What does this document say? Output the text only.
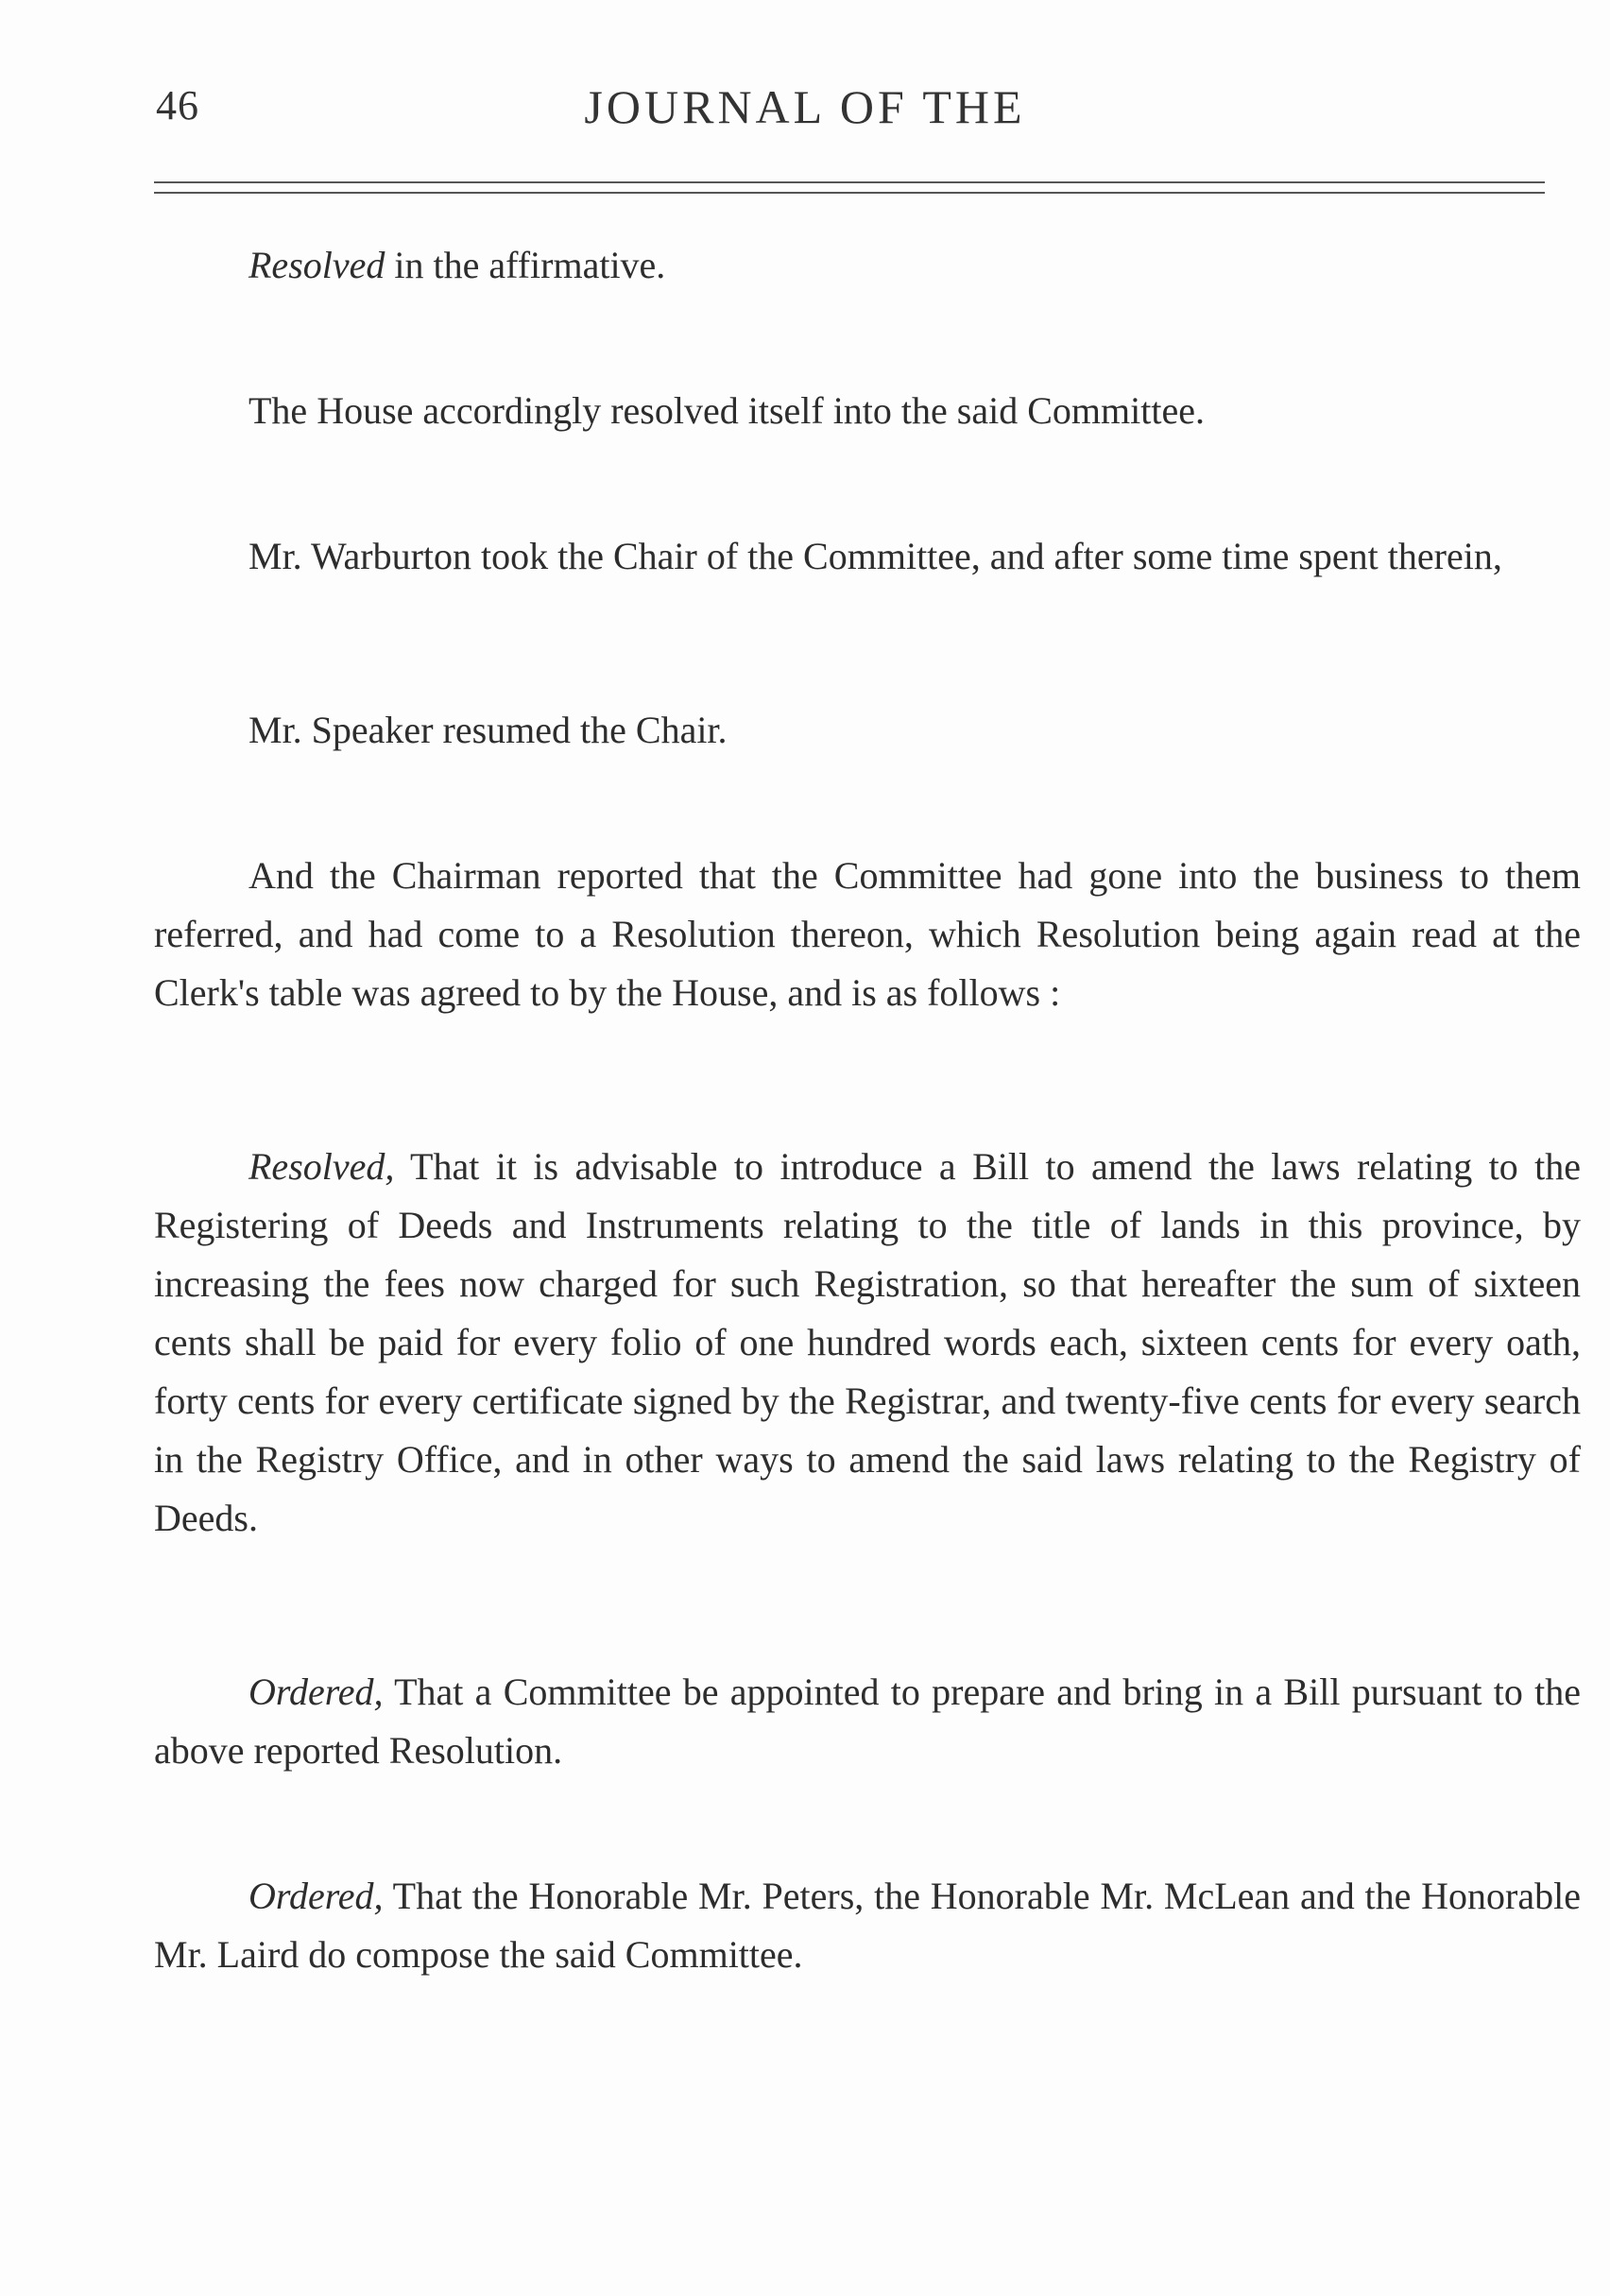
46	JOURNAL OF THE

Resolved in the affirmative.

The House accordingly resolved itself into the said Committee.

Mr. Warburton took the Chair of the Committee, and after some time spent therein,

Mr. Speaker resumed the Chair.

And the Chairman reported that the Committee had gone into the business to them referred, and had come to a Resolution thereon, which Resolution being again read at the Clerk's table was agreed to by the House, and is as follows :

Resolved, That it is advisable to introduce a Bill to amend the laws relating to the Registering of Deeds and Instruments relating to the title of lands in this province, by increasing the fees now charged for such Registration, so that hereafter the sum of sixteen cents shall be paid for every folio of one hundred words each, sixteen cents for every oath, forty cents for every certificate signed by the Registrar, and twenty-five cents for every search in the Registry Office, and in other ways to amend the said laws relating to the Registry of Deeds.

Ordered, That a Committee be appointed to prepare and bring in a Bill pursuant to the above reported Resolution.

Ordered, That the Honorable Mr. Peters, the Honorable Mr. McLean and the Honorable Mr. Laird do compose the said Committee.
